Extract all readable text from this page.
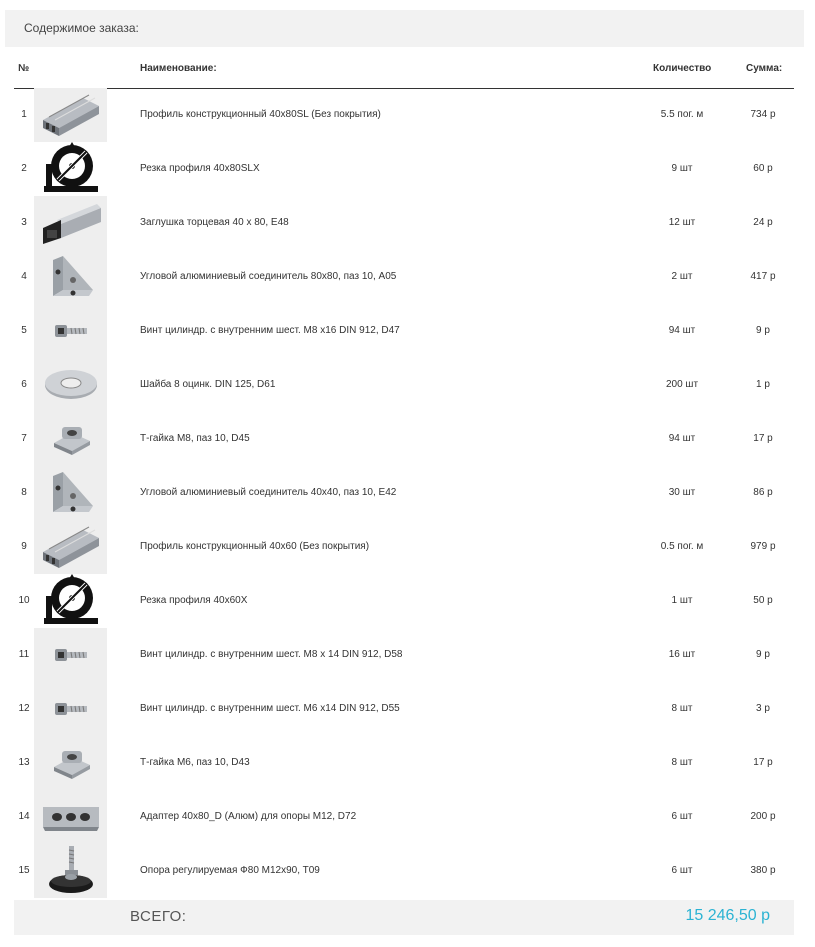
Содержимое заказа:
№	Наименование:	Количество	Сумма:
1	Профиль конструкционный 40x80SL (Без покрытия)	5.5 пог. м	734 р
2	Резка профиля 40x80SLX	9 шт	60 р
3	Заглушка торцевая 40 х 80, E48	12 шт	24 р
4	Угловой алюминиевый соединитель 80x80, паз 10, A05	2 шт	417 р
5	Винт цилиндр. с внутренним шест. M8 x16 DIN 912, D47	94 шт	9 р
6	Шайба 8 оцинк. DIN 125, D61	200 шт	1 р
7	Т-гайка M8, паз 10, D45	94 шт	17 р
8	Угловой алюминиевый соединитель 40x40, паз 10, E42	30 шт	86 р
9	Профиль конструкционный 40x60 (Без покрытия)	0.5 пог. м	979 р
10	Резка профиля 40x60X	1 шт	50 р
11	Винт цилиндр. с внутренним шест. M8 x 14 DIN 912, D58	16 шт	9 р
12	Винт цилиндр. с внутренним шест. M6 x14 DIN 912, D55	8 шт	3 р
13	Т-гайка M6, паз 10, D43	8 шт	17 р
14	Адаптер 40x80_D (Алюм) для опоры M12, D72	6 шт	200 р
15	Опора регулируемая Ф80 M12x90, T09	6 шт	380 р
ВСЕГО:	15 246,50 р
